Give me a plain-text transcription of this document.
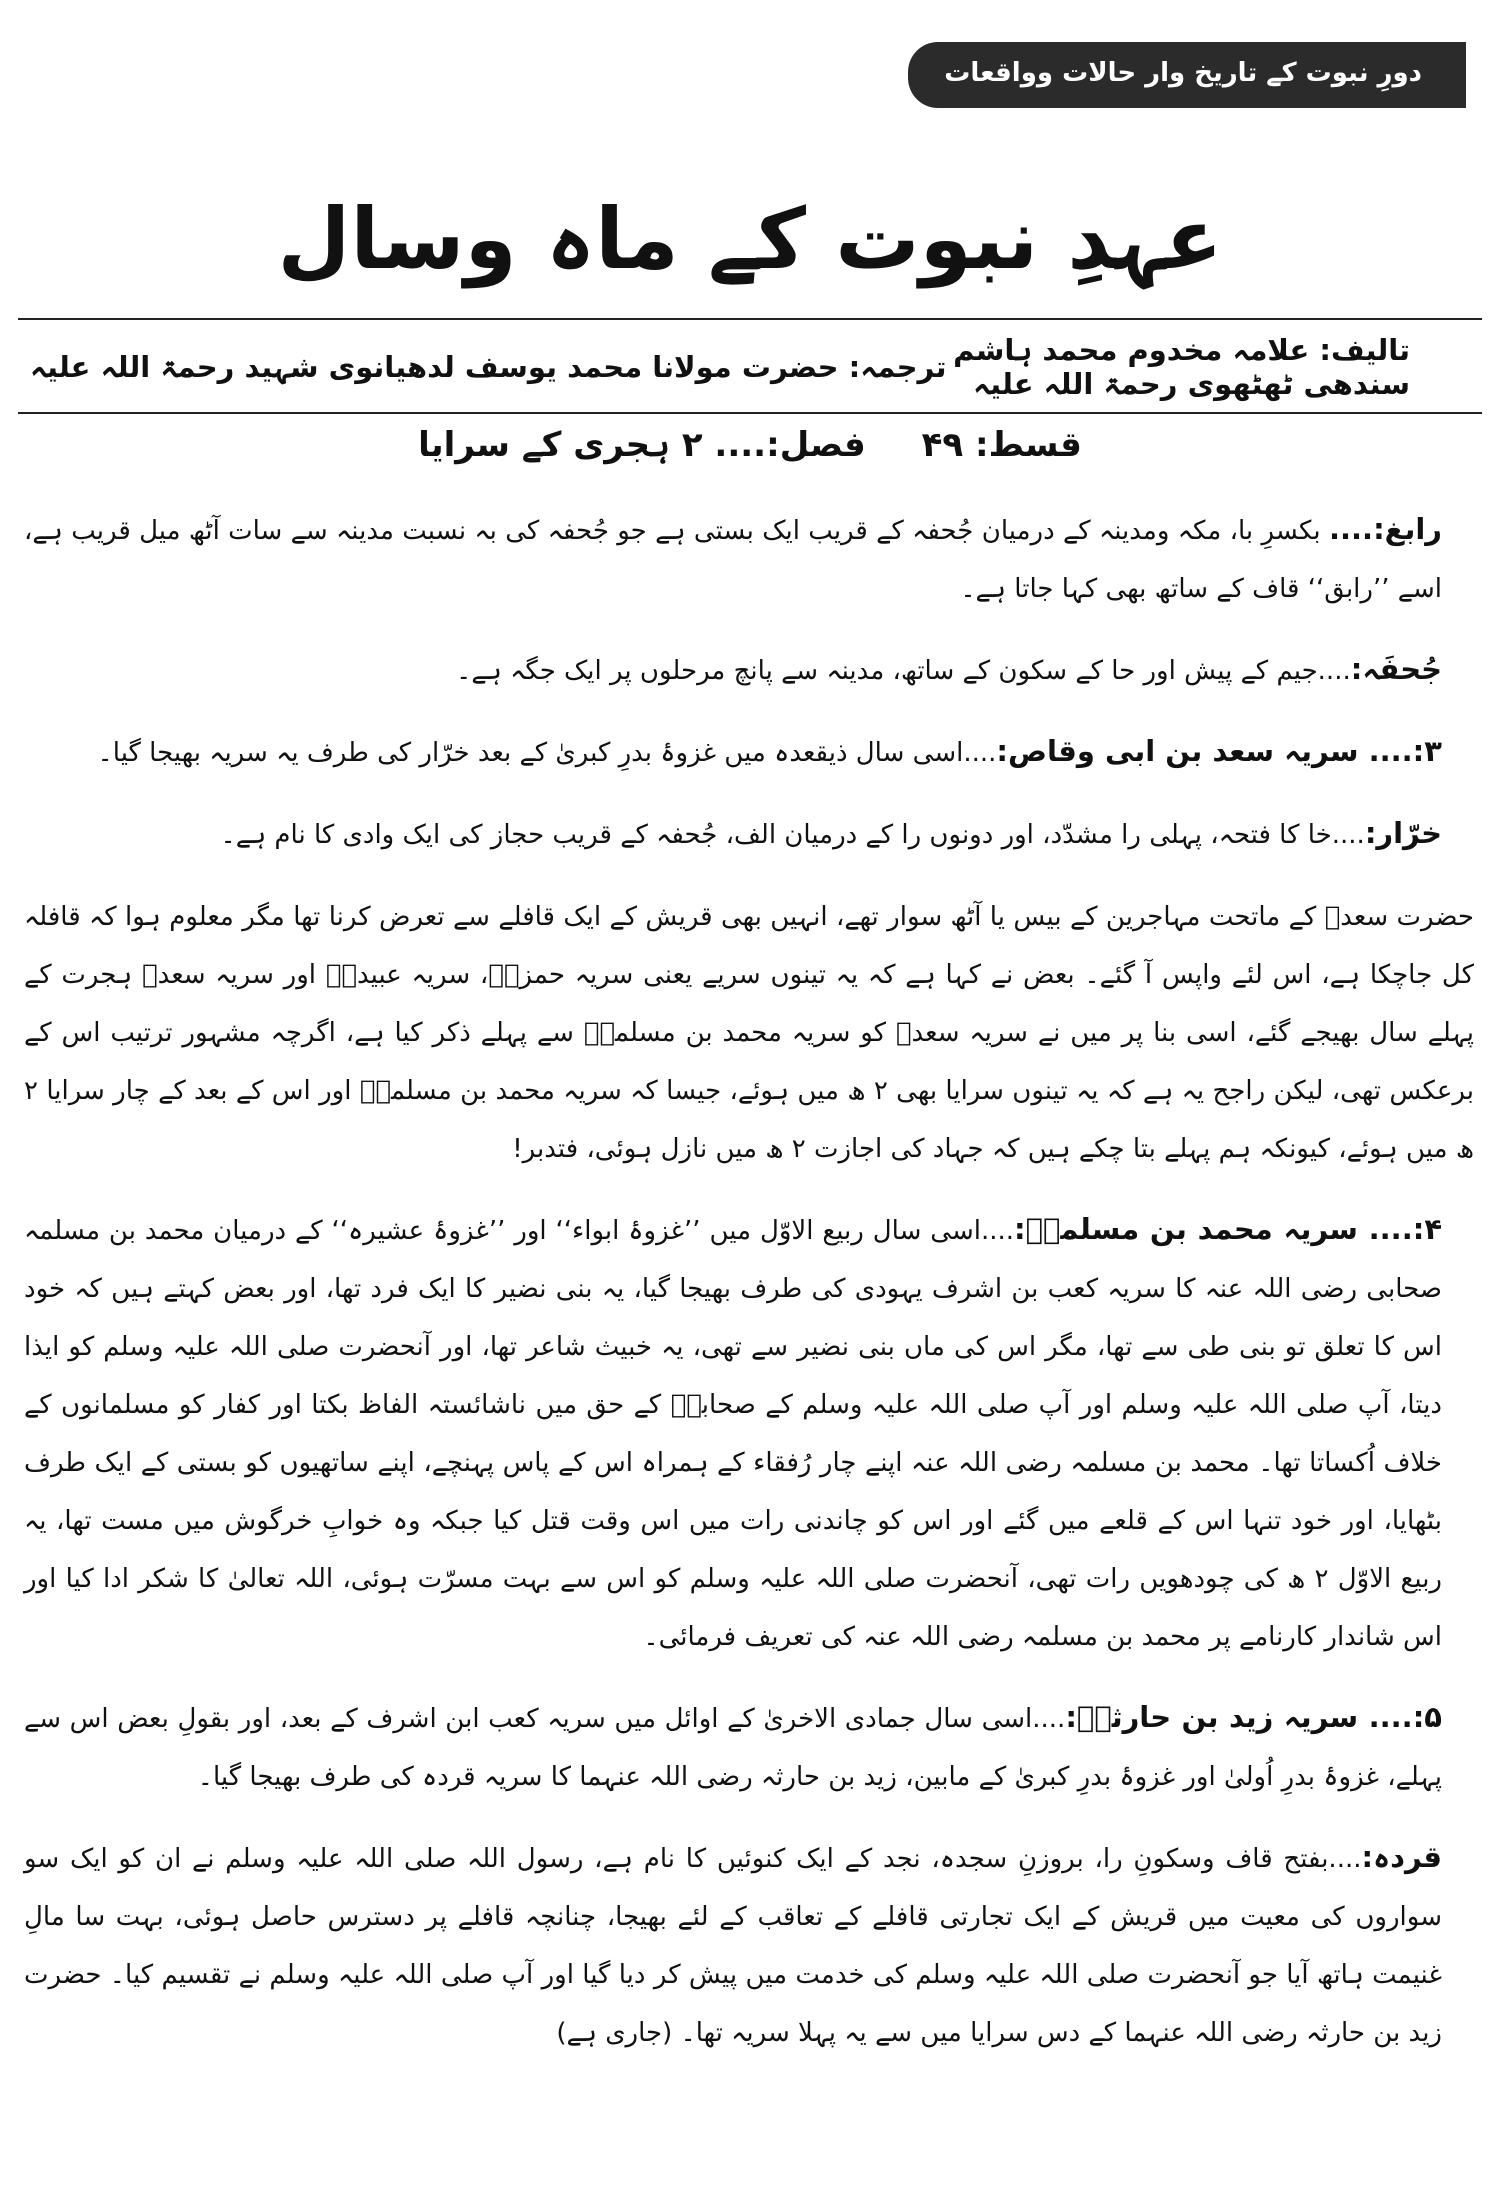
دورِ نبوت کے تاریخ وار حالات وواقعات
عہدِ نبوت کے ماہ وسال
تالیف: علامہ مخدوم محمد ہاشم سندھی ٹھٹھوی رحمۃ اللہ علیہ
ترجمہ: حضرت مولانا محمد یوسف لدھیانوی شہید رحمۃ اللہ علیہ
قسط: ۴۹ فصل:.... ۲ ہجری کے سرایا

رابغ:.... بکسرِ با، مکہ ومدینہ کے درمیان جُحفہ کے قریب ایک بستی ہے جو جُحفہ کی بہ نسبت مدینہ سے سات آٹھ میل قریب ہے، اسے ’’رابق‘‘ قاف کے ساتھ بھی کہا جاتا ہے۔

جُحفَہ:....جیم کے پیش اور حا کے سکون کے ساتھ، مدینہ سے پانچ مرحلوں پر ایک جگہ ہے۔

۳:.... سریہ سعد بن ابی وقاص:....اسی سال ذیقعدہ میں غزوۂ بدرِ کبریٰ کے بعد خرّار کی طرف یہ سریہ بھیجا گیا۔

خرّار:....خا کا فتحہ، پہلی را مشدّد، اور دونوں را کے درمیان الف، جُحفہ کے قریب حجاز کی ایک وادی کا نام ہے۔

حضرت سعدؓ کے ماتحت مہاجرین کے بیس یا آٹھ سوار تھے، انہیں بھی قریش کے ایک قافلے سے تعرض کرنا تھا مگر معلوم ہوا کہ قافلہ کل جاچکا ہے، اس لئے واپس آ گئے۔ بعض نے کہا ہے کہ یہ تینوں سریے یعنی سریہ حمزہؓ، سریہ عبیدہؓ اور سریہ سعدؓ ہجرت کے پہلے سال بھیجے گئے، اسی بنا پر میں نے سریہ سعدؓ کو سریہ محمد بن مسلمہؓ سے پہلے ذکر کیا ہے، اگرچہ مشہور ترتیب اس کے برعکس تھی، لیکن راجح یہ ہے کہ یہ تینوں سرایا بھی ۲ ھ میں ہوئے، جیسا کہ سریہ محمد بن مسلمہؓ اور اس کے بعد کے چار سرایا ۲ ھ میں ہوئے، کیونکہ ہم پہلے بتا چکے ہیں کہ جہاد کی اجازت ۲ ھ میں نازل ہوئی، فتدبر!

۴:.... سریہ محمد بن مسلمہؓ:....اسی سال ربیع الاوّل میں ’’غزوۂ ابواء‘‘ اور ’’غزوۂ عشیرہ‘‘ کے درمیان محمد بن مسلمہ صحابی رضی اللہ عنہ کا سریہ کعب بن اشرف یہودی کی طرف بھیجا گیا، یہ بنی نضیر کا ایک فرد تھا، اور بعض کہتے ہیں کہ خود اس کا تعلق تو بنی طی سے تھا، مگر اس کی ماں بنی نضیر سے تھی، یہ خبیث شاعر تھا، اور آنحضرت صلی اللہ علیہ وسلم کو ایذا دیتا، آپ صلی اللہ علیہ وسلم اور آپ صلی اللہ علیہ وسلم کے صحابہؓ کے حق میں ناشائستہ الفاظ بکتا اور کفار کو مسلمانوں کے خلاف اُکساتا تھا۔ محمد بن مسلمہ رضی اللہ عنہ اپنے چار رُفقاء کے ہمراہ اس کے پاس پہنچے، اپنے ساتھیوں کو بستی کے ایک طرف بٹھایا، اور خود تنہا اس کے قلعے میں گئے اور اس کو چاندنی رات میں اس وقت قتل کیا جبکہ وہ خوابِ خرگوش میں مست تھا، یہ ربیع الاوّل ۲ ھ کی چودھویں رات تھی، آنحضرت صلی اللہ علیہ وسلم کو اس سے بہت مسرّت ہوئی، اللہ تعالیٰ کا شکر ادا کیا اور اس شاندار کارنامے پر محمد بن مسلمہ رضی اللہ عنہ کی تعریف فرمائی۔

۵:.... سریہ زید بن حارثہؓ:....اسی سال جمادی الاخریٰ کے اوائل میں سریہ کعب ابن اشرف کے بعد، اور بقولِ بعض اس سے پہلے، غزوۂ بدرِ اُولیٰ اور غزوۂ بدرِ کبریٰ کے مابین، زید بن حارثہ رضی اللہ عنہما کا سریہ قردہ کی طرف بھیجا گیا۔

قردہ:....بفتح قاف وسکونِ را، بروزنِ سجدہ، نجد کے ایک کنوئیں کا نام ہے، رسول اللہ صلی اللہ علیہ وسلم نے ان کو ایک سو سواروں کی معیت میں قریش کے ایک تجارتی قافلے کے تعاقب کے لئے بھیجا، چنانچہ قافلے پر دسترس حاصل ہوئی، بہت سا مالِ غنیمت ہاتھ آیا جو آنحضرت صلی اللہ علیہ وسلم کی خدمت میں پیش کر دیا گیا اور آپ صلی اللہ علیہ وسلم نے تقسیم کیا۔ حضرت زید بن حارثہ رضی اللہ عنہما کے دس سرایا میں سے یہ پہلا سریہ تھا۔ (جاری ہے)
